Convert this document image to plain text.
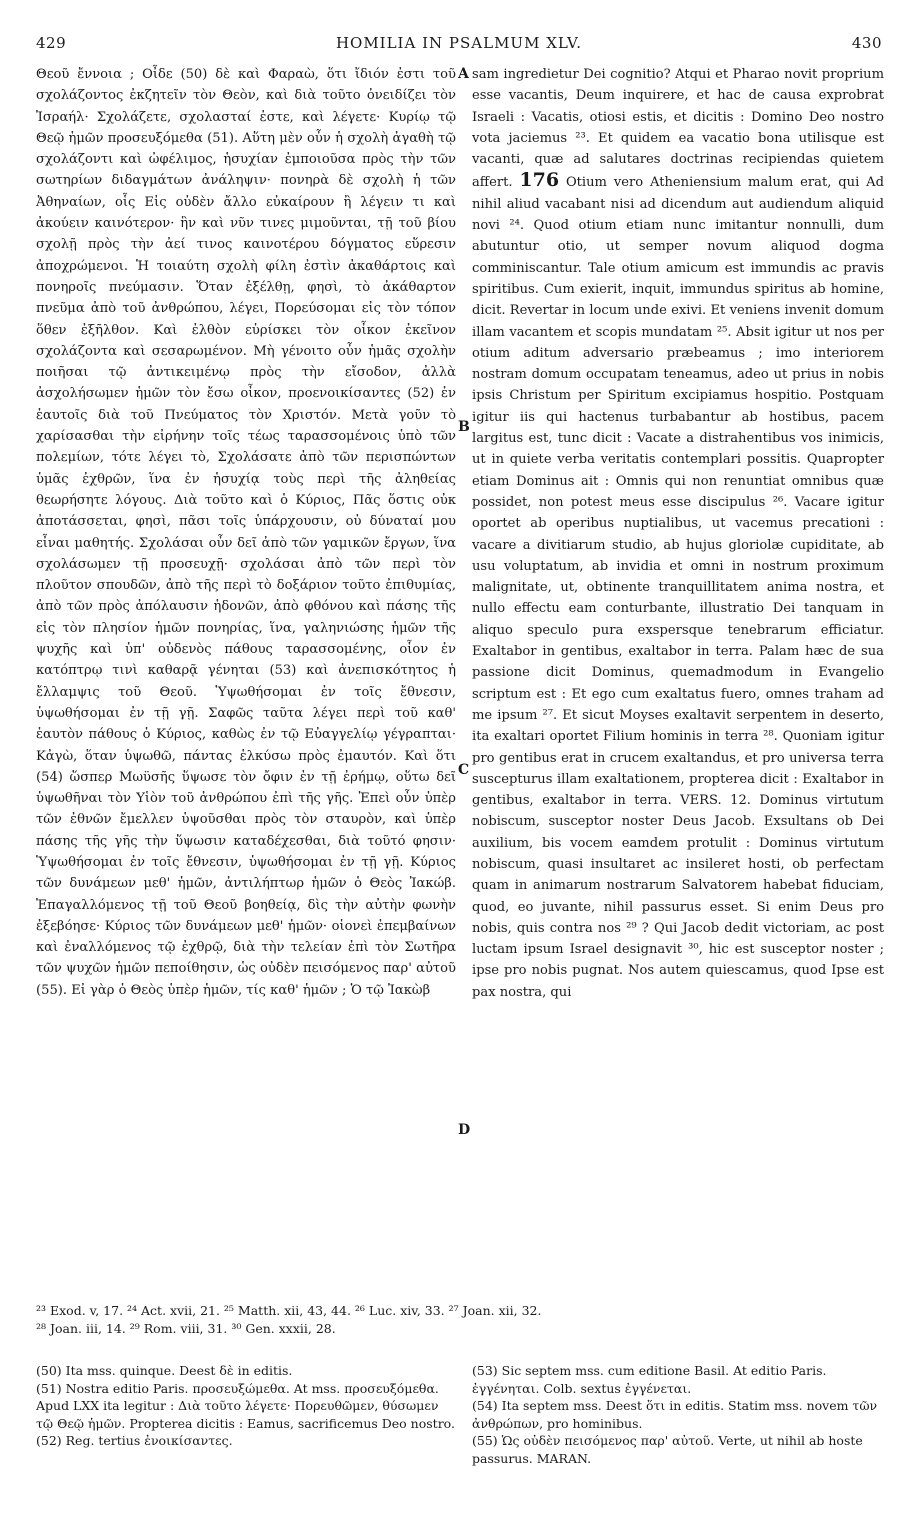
429	HOMILIA IN PSALMUM XLV.	430

Θεοῦ ἔννοια ; Οἶδε (50) δὲ καὶ Φαραὼ, ὅτι ἴδιόν ἐστι τοῦ σχολάζοντος ἐκζητεῖν τὸν Θεὸν, καὶ διὰ τοῦτο ὀνειδίζει τὸν Ἰσραήλ· Σχολάζετε, σχολασταί ἐστε, καὶ λέγετε· Κυρίῳ τῷ Θεῷ ἡμῶν προσευξόμεθα (51). Αὕτη μὲν οὖν ἡ σχολὴ ἀγαθὴ τῷ σχολάζοντι καὶ ὠφέλιμος, ἡσυχίαν ἐμποιοῦσα πρὸς τὴν τῶν σωτηρίων διδαγμάτων ἀνάληψιν· πονηρὰ δὲ σχολὴ ἡ τῶν Ἀθηναίων, οἷς Εἰς οὐδὲν ἄλλο εὐκαίρουν ἢ λέγειν τι καὶ ἀκούειν καινότερον· ἣν καὶ νῦν τινες μιμοῦνται, τῇ τοῦ βίου σχολῇ πρὸς τὴν ἀεί τινος καινοτέρου δόγματος εὕρεσιν ἀποχρώμενοι. Ἡ τοιαύτη σχολὴ φίλη ἐστὶν ἀκαθάρτοις καὶ πονηροῖς πνεύμασιν. Ὅταν ἐξέλθῃ, φησὶ, τὸ ἀκάθαρτον πνεῦμα ἀπὸ τοῦ ἀνθρώπου, λέγει, Πορεύσομαι εἰς τὸν τόπον ὅθεν ἐξῆλθον. Καὶ ἐλθὸν εὑρίσκει τὸν οἶκον ἐκεῖνον σχολάζοντα καὶ σεσαρωμένον. Μὴ γένοιτο οὖν ἡμᾶς σχολὴν ποιῆσαι τῷ ἀντικειμένῳ πρὸς τὴν εἴσοδον, ἀλλὰ ἀσχολήσωμεν ἡμῶν τὸν ἔσω οἶκον, προενοικίσαντες (52) ἐν ἑαυτοῖς διὰ τοῦ Πνεύματος τὸν Χριστόν. Μετὰ γοῦν τὸ χαρίσασθαι τὴν εἰρήνην τοῖς τέως ταρασσομένοις ὑπὸ τῶν πολεμίων, τότε λέγει τὸ, Σχολάσατε ἀπὸ τῶν περισπώντων ὑμᾶς ἐχθρῶν, ἵνα ἐν ἡσυχίᾳ τοὺς περὶ τῆς ἀληθείας θεωρήσητε λόγους. Διὰ τοῦτο καὶ ὁ Κύριος, Πᾶς ὅστις οὐκ ἀποτάσσεται, φησὶ, πᾶσι τοῖς ὑπάρχουσιν, οὐ δύναταί μου εἶναι μαθητής. Σχολάσαι οὖν δεῖ ἀπὸ τῶν γαμικῶν ἔργων, ἵνα σχολάσωμεν τῇ προσευχῇ· σχολάσαι ἀπὸ τῶν περὶ τὸν πλοῦτον σπουδῶν, ἀπὸ τῆς περὶ τὸ δοξάριον τοῦτο ἐπιθυμίας, ἀπὸ τῶν πρὸς ἀπόλαυσιν ἡδονῶν, ἀπὸ φθόνου καὶ πάσης τῆς εἰς τὸν πλησίον ἡμῶν πονηρίας, ἵνα, γαληνιώσης ἡμῶν τῆς ψυχῆς καὶ ὑπ' οὐδενὸς πάθους ταρασσομένης, οἷον ἐν κατόπτρῳ τινὶ καθαρᾷ γένηται (53) καὶ ἀνεπισκότητος ἡ ἔλλαμψις τοῦ Θεοῦ. Ὑψωθήσομαι ἐν τοῖς ἔθνεσιν, ὑψωθήσομαι ἐν τῇ γῇ. Σαφῶς ταῦτα λέγει περὶ τοῦ καθ' ἑαυτὸν πάθους ὁ Κύριος, καθὼς ἐν τῷ Εὐαγγελίῳ γέγραπται· Κἀγὼ, ὅταν ὑψωθῶ, πάντας ἑλκύσω πρὸς ἐμαυτόν. Καὶ ὅτι (54) ὥσπερ Μωϋσῆς ὕψωσε τὸν ὄφιν ἐν τῇ ἐρήμῳ, οὕτω δεῖ ὑψωθῆναι τὸν Υἱὸν τοῦ ἀνθρώπου ἐπὶ τῆς γῆς. Ἐπεὶ οὖν ὑπὲρ τῶν ἐθνῶν ἔμελλεν ὑψοῦσθαι πρὸς τὸν σταυρὸν, καὶ ὑπὲρ πάσης τῆς γῆς τὴν ὕψωσιν καταδέχεσθαι, διὰ τοῦτό φησιν· Ὑψωθήσομαι ἐν τοῖς ἔθνεσιν, ὑψωθήσομαι ἐν τῇ γῇ. Κύριος τῶν δυνάμεων μεθ' ἡμῶν, ἀντιλήπτωρ ἡμῶν ὁ Θεὸς Ἰακώβ. Ἐπαγαλλόμενος τῇ τοῦ Θεοῦ βοηθείᾳ, δὶς τὴν αὐτὴν φωνὴν ἐξεβόησε· Κύριος τῶν δυνάμεων μεθ' ἡμῶν· οἱονεὶ ἐπεμβαίνων καὶ ἐναλλόμενος τῷ ἐχθρῷ, διὰ τὴν τελείαν ἐπὶ τὸν Σωτῆρα τῶν ψυχῶν ἡμῶν πεποίθησιν, ὡς οὐδὲν πεισόμενος παρ' αὐτοῦ (55). Εἰ γὰρ ὁ Θεὸς ὑπὲρ ἡμῶν, τίς καθ' ἡμῶν ; Ὁ τῷ Ἰακὼβ

A
B
C
D

sam ingredietur Dei cognitio? Atqui et Pharao novit proprium esse vacantis, Deum inquirere, et hac de causa exprobrat Israeli : Vacatis, otiosi estis, et dicitis : Domino Deo nostro vota jaciemus ²³. Et quidem ea vacatio bona utilisque est vacanti, quæ ad salutares doctrinas recipiendas quietem affert. 176 Otium vero Atheniensium malum erat, qui Ad nihil aliud vacabant nisi ad dicendum aut audiendum aliquid novi ²⁴. Quod otium etiam nunc imitantur nonnulli, dum abutuntur otio, ut semper novum aliquod dogma comminiscantur. Tale otium amicum est immundis ac pravis spiritibus. Cum exierit, inquit, immundus spiritus ab homine, dicit. Revertar in locum unde exivi. Et veniens invenit domum illam vacantem et scopis mundatam ²⁵. Absit igitur ut nos per otium aditum adversario præbeamus ; imo interiorem nostram domum occupatam teneamus, adeo ut prius in nobis ipsis Christum per Spiritum excipiamus hospitio. Postquam igitur iis qui hactenus turbabantur ab hostibus, pacem largitus est, tunc dicit : Vacate a distrahentibus vos inimicis, ut in quiete verba veritatis contemplari possitis. Quapropter etiam Dominus ait : Omnis qui non renuntiat omnibus quæ possidet, non potest meus esse discipulus ²⁶. Vacare igitur oportet ab operibus nuptialibus, ut vacemus precationi : vacare a divitiarum studio, ab hujus gloriolæ cupiditate, ab usu voluptatum, ab invidia et omni in nostrum proximum malignitate, ut, obtinente tranquillitatem anima nostra, et nullo effectu eam conturbante, illustratio Dei tanquam in aliquo speculo pura exspersque tenebrarum efficiatur. Exaltabor in gentibus, exaltabor in terra. Palam hæc de sua passione dicit Dominus, quemadmodum in Evangelio scriptum est : Et ego cum exaltatus fuero, omnes traham ad me ipsum ²⁷. Et sicut Moyses exaltavit serpentem in deserto, ita exaltari oportet Filium hominis in terra ²⁸. Quoniam igitur pro gentibus erat in crucem exaltandus, et pro universa terra suscepturus illam exaltationem, propterea dicit : Exaltabor in gentibus, exaltabor in terra. VERS. 12. Dominus virtutum nobiscum, susceptor noster Deus Jacob. Exsultans ob Dei auxilium, bis vocem eamdem protulit : Dominus virtutum nobiscum, quasi insultaret ac insileret hosti, ob perfectam quam in animarum nostrarum Salvatorem habebat fiduciam, quod, eo juvante, nihil passurus esset. Si enim Deus pro nobis, quis contra nos ²⁹ ? Qui Jacob dedit victoriam, ac post luctam ipsum Israel designavit ³⁰, hic est susceptor noster ; ipse pro nobis pugnat. Nos autem quiescamus, quod Ipse est pax nostra, qui

²³ Exod. v, 17. ²⁴ Act. xvii, 21. ²⁵ Matth. xii, 43, 44. ²⁶ Luc. xiv, 33. ²⁷ Joan. xii, 32.

²⁸ Joan. iii, 14. ²⁹ Rom. viii, 31. ³⁰ Gen. xxxii, 28.

(50) Ita mss. quinque. Deest δὲ in editis.

(51) Nostra editio Paris. προσευξώμεθα. At mss. προσευξόμεθα. Apud LXX ita legitur : Διὰ τοῦτο λέγετε· Πορευθῶμεν, θύσωμεν τῷ Θεῷ ἡμῶν. Propterea dicitis : Eamus, sacrificemus Deo nostro.

(52) Reg. tertius ἐνοικίσαντες.

(53) Sic septem mss. cum editione Basil. At editio Paris. ἐγγένηται. Colb. sextus ἐγγένεται.

(54) Ita septem mss. Deest ὅτι in editis. Statim mss. novem τῶν ἀνθρώπων, pro hominibus.

(55) Ὡς οὐδὲν πεισόμενος παρ' αὐτοῦ. Verte, ut nihil ab hoste passurus. MARAN.
